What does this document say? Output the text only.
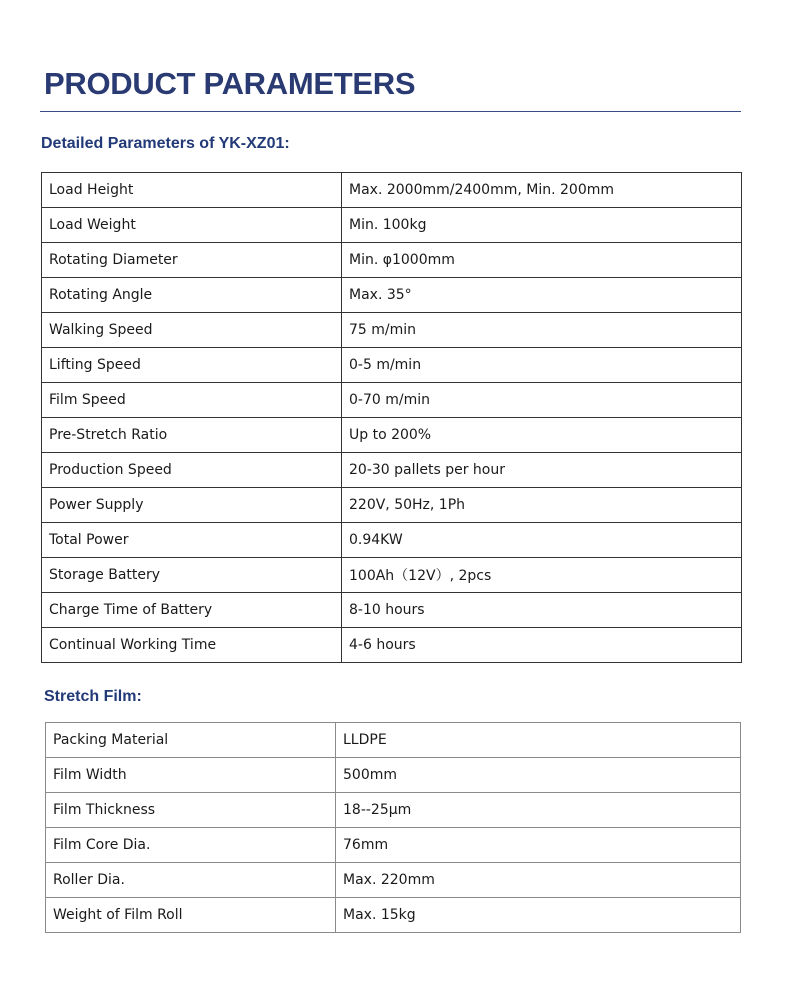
PRODUCT PARAMETERS
Detailed Parameters of YK-XZ01:
Load Height	Max. 2000mm/2400mm, Min. 200mm
Load Weight	Min. 100kg
Rotating Diameter	Min. φ1000mm
Rotating Angle	Max. 35°
Walking Speed	75 m/min
Lifting Speed	0-5 m/min
Film Speed	0-70 m/min
Pre-Stretch Ratio	Up to 200%
Production Speed	20-30 pallets per hour
Power Supply	220V, 50Hz, 1Ph
Total Power	0.94KW
Storage Battery	100Ah（12V）, 2pcs
Charge Time of Battery	8-10 hours
Continual Working Time	4-6 hours
Stretch Film:
Packing Material	LLDPE
Film Width	500mm
Film Thickness	18--25μm
Film Core Dia.	76mm
Roller Dia.	Max. 220mm
Weight of Film Roll	Max. 15kg
